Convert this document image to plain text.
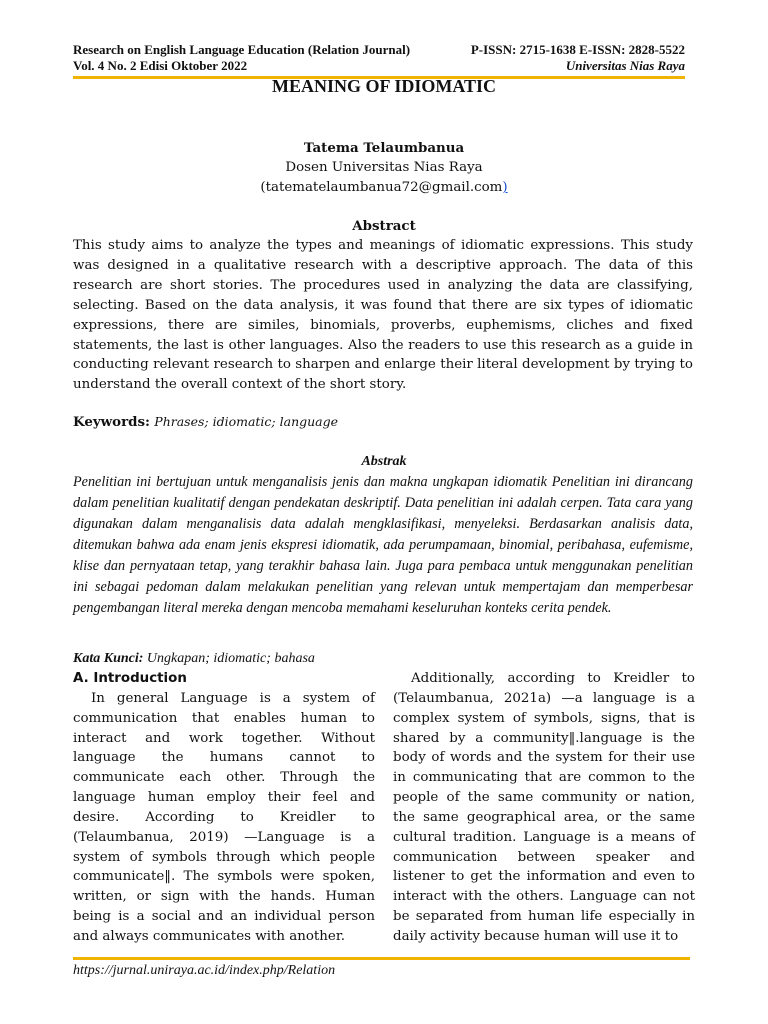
Research on English Language Education (Relation Journal)	P-ISSN: 2715-1638 E-ISSN: 2828-5522
Vol. 4 No. 2 Edisi Oktober 2022	Universitas Nias Raya
MEANING OF IDIOMATIC
Tatema Telaumbanua
Dosen Universitas Nias Raya
(tatematelaumbanua72@gmail.com)
Abstract
This study aims to analyze the types and meanings of idiomatic expressions. This study was designed in a qualitative research with a descriptive approach. The data of this research are short stories. The procedures used in analyzing the data are classifying, selecting. Based on the data analysis, it was found that there are six types of idiomatic expressions, there are similes, binomials, proverbs, euphemisms, cliches and fixed statements, the last is other languages. Also the readers to use this research as a guide in conducting relevant research to sharpen and enlarge their literal development by trying to understand the overall context of the short story.
Keywords: Phrases; idiomatic; language
Abstrak
Penelitian ini bertujuan untuk menganalisis jenis dan makna ungkapan idiomatik Penelitian ini dirancang dalam penelitian kualitatif dengan pendekatan deskriptif. Data penelitian ini adalah cerpen. Tata cara yang digunakan dalam menganalisis data adalah mengklasifikasi, menyeleksi. Berdasarkan analisis data, ditemukan bahwa ada enam jenis ekspresi idiomatik, ada perumpamaan, binomial, peribahasa, eufemisme, klise dan pernyataan tetap, yang terakhir bahasa lain. Juga para pembaca untuk menggunakan penelitian ini sebagai pedoman dalam melakukan penelitian yang relevan untuk mempertajam dan memperbesar pengembangan literal mereka dengan mencoba memahami keseluruhan konteks cerita pendek.
Kata Kunci: Ungkapan; idiomatic; bahasa
A. Introduction

In general Language is a system of communication that enables human to interact and work together. Without language the humans cannot to communicate each other. Through the language human employ their feel and desire. According to Kreidler to (Telaumbanua, 2019) —Language is a system of symbols through which people communicate‖. The symbols were spoken, written, or sign with the hands. Human being is a social and an individual person and always communicates with another.

Additionally, according to Kreidler to (Telaumbanua, 2021a) —a language is a complex system of symbols, signs, that is shared by a community‖.language is the body of words and the system for their use in communicating that are common to the people of the same community or nation, the same geographical area, or the same cultural tradition. Language is a means of communication between speaker and listener to get the information and even to interact with the others. Language can not be separated from human life especially in daily activity because human will use it to

https://jurnal.uniraya.ac.id/index.php/Relation
